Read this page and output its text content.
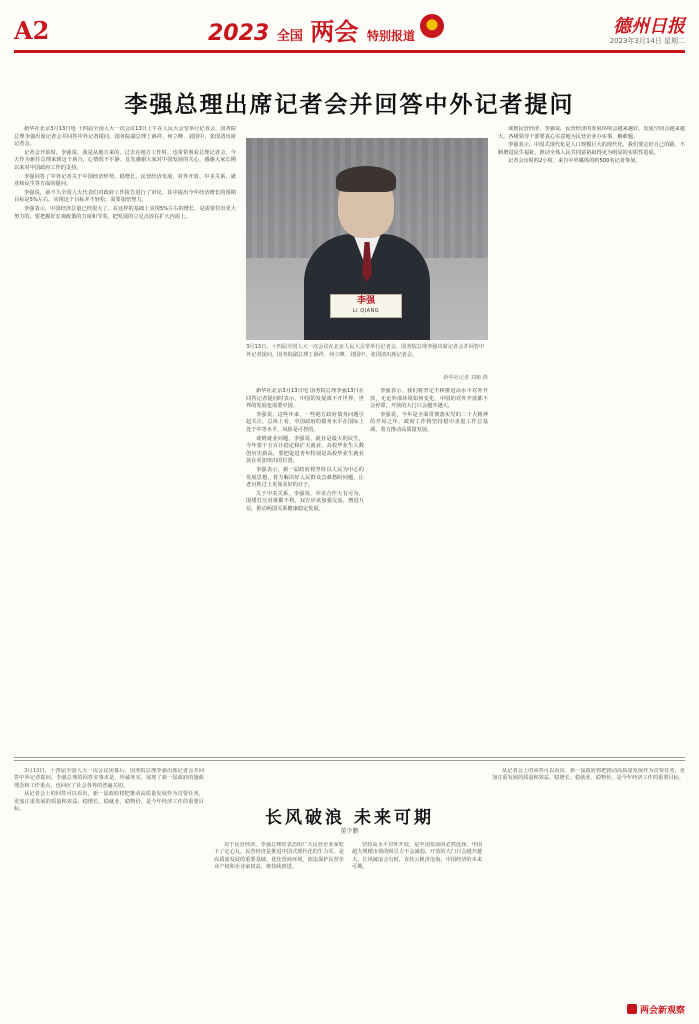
A2	2023 全国 两会 特别报道	德州日报
2023年3月14日 星期二
李强总理出席记者会并回答中外记者提问

新华社北京3月13日电 十四届全国人大一次会议13日上午在人民大会堂举行记者会，国务院总理李强出席记者会并回答中外记者提问。国务院副总理丁薛祥、何立峰、刘国中、张国清出席记者会。

记者会开始时，李强说，我是从地方来的，过去在地方工作时，也常常观看总理记者会，今天作为新任总理来到这个场合，心情很不平静。首先感谢大家对中国发展的关心，感谢大家长期以来对中国政府工作的支持。

李强回答了中外记者关于中国经济形势、稳增长、民营经济发展、对外开放、中美关系、就业和民生等方面的提问。

李强说，前不久全国人大代表们对政府工作报告进行了审议，其中提出今年经济增长的预期目标是5%左右。实现这个目标并不轻松，需要加倍努力。

李强表示，中国经济总量已经很大了，在这样的基础上实现5%左右的增长，是需要付出更大努力的。要把握好宏观政策的力度和节奏，把发展的立足点放在扩大内需上。

李强
LI QIANG
3月13日，十四届全国人大一次会议在北京人民大会堂举行记者会，国务院总理李强出席记者会并回答中外记者提问。国务院副总理丁薛祥、何立峰、刘国中、张国清出席记者会。
新华社记者 刘彬 摄

新华社北京3月13日电 国务院总理李强13日在回答记者提问时表示，中国的发展离不开世界，世界的发展也需要中国。

李强说，这些年来，一些地方政府债务问题引起关注，总体上看，中国政府的债务水平在国际上处于中等水平，风险是可控的。

谈到就业问题，李强说，就业是最大的民生，今年要千方百计稳定和扩大就业。高校毕业生人数创历史新高，要把促进青年特别是高校毕业生就业放在更加突出的位置。

李强表示，新一届政府将坚持以人民为中心的发展思想，着力解决好人民群众急难愁盼问题，让老百姓过上更加美好的日子。

关于中美关系，李强说，中美合作大有可为，围堵打压对谁都不利。双方应该加强交流、增进互信，推动两国关系健康稳定发展。

李强表示，我们将坚定不移推进高水平对外开放，无论外部环境如何变化，中国的对外开放都不会停滞，开放的大门只会越开越大。

李强说，今年是全面贯彻落实党的二十大精神的开局之年，政府工作将坚持稳中求进工作总基调，着力推动高质量发展。

谈到民营经济，李强说，民营经济的发展环境会越来越好，发展空间会越来越大。各级领导干部要真心实意地为民营企业办实事、解难题。

李强表示，中国式现代化是人口规模巨大的现代化，我们要走好自己的路，不断增进民生福祉，推动全体人民共同富裕取得更为明显的实质性进展。

记者会历时约2小时，来自中外媒体的约500名记者参加。

3月13日，十四届全国人大一次会议闭幕后，国务院总理李强出席记者会并回答中外记者提问。李强总理的回答实事求是、坦诚务实，展现了新一届政府的施政理念和工作重点，也回应了社会各界的普遍关切。

从记者会上的回答可以看出，新一届政府将把推动高质量发展作为首要任务，更加注重发展的质量和效益。稳增长、稳就业、稳物价，是今年经济工作的重要目标。	长风破浪 未来可期
董少鹏

对于民营经济，李强总理的表态给广大民营企业家吃下了定心丸。民营经济是推进中国式现代化的生力军，是高质量发展的重要基础。优化营商环境，依法保护民营企业产权和企业家权益，将持续推进。

坚持高水平对外开放，是中国发展的必然选择。中国超大规模市场的吸引力不会减弱，开放的大门只会越开越大。长风破浪会有时，直挂云帆济沧海，中国经济的未来可期。

从记者会上的回答可以看出，新一届政府将把推动高质量发展作为首要任务，更加注重发展的质量和效益。稳增长、稳就业、稳物价，是今年经济工作的重要目标。

两会新观察
